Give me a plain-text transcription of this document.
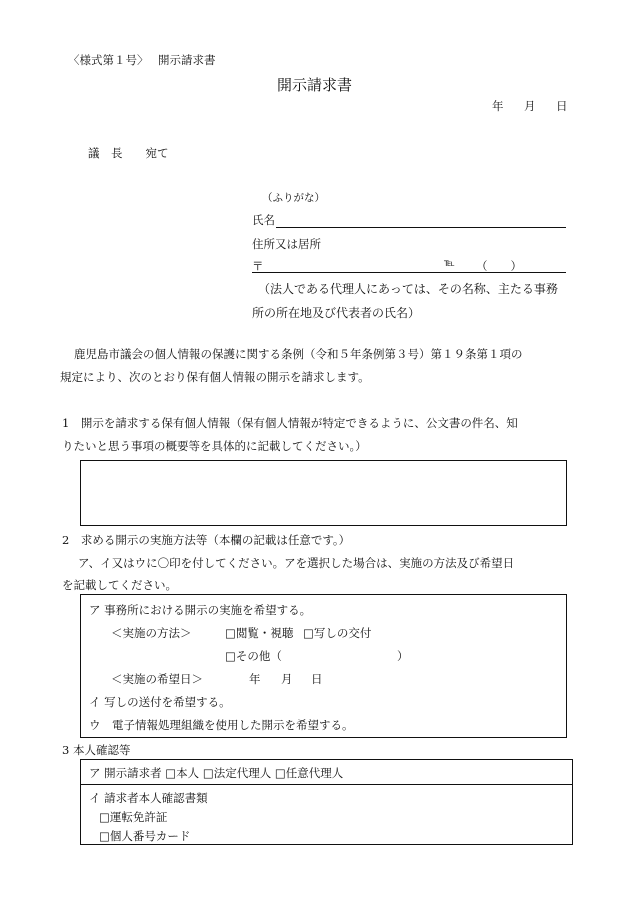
〈様式第１号〉 開示請求書
開示請求書
年 月 日
議　長　　宛て
（ふりがな）
氏名
住所又は居所
〒	℡ （　　）
（法人である代理人にあっては、その名称、主たる事務
所の所在地及び代表者の氏名）
鹿児島市議会の個人情報の保護に関する条例（令和５年条例第３号）第１９条第１項の
規定により、次のとおり保有個人情報の開示を請求します。
1　開示を請求する保有個人情報（保有個人情報が特定できるように、公文書の件名、知
りたいと思う事項の概要等を具体的に記載してください。）
2　求める開示の実施方法等（本欄の記載は任意です。）
ア、イ又はウに〇印を付してください。アを選択した場合は、実施の方法及び希望日
を記載してください。
ア 事務所における開示の実施を希望する。
＜実施の方法＞	□閲覧・視聴 □写しの交付
□その他（	）
＜実施の希望日＞	年 月 日
イ 写しの送付を希望する。
ウ　電子情報処理組織を使用した開示を希望する。
3 本人確認等
ア 開示請求者 □本人 □法定代理人 □任意代理人
イ 請求者本人確認書類
□運転免許証
□個人番号カード
